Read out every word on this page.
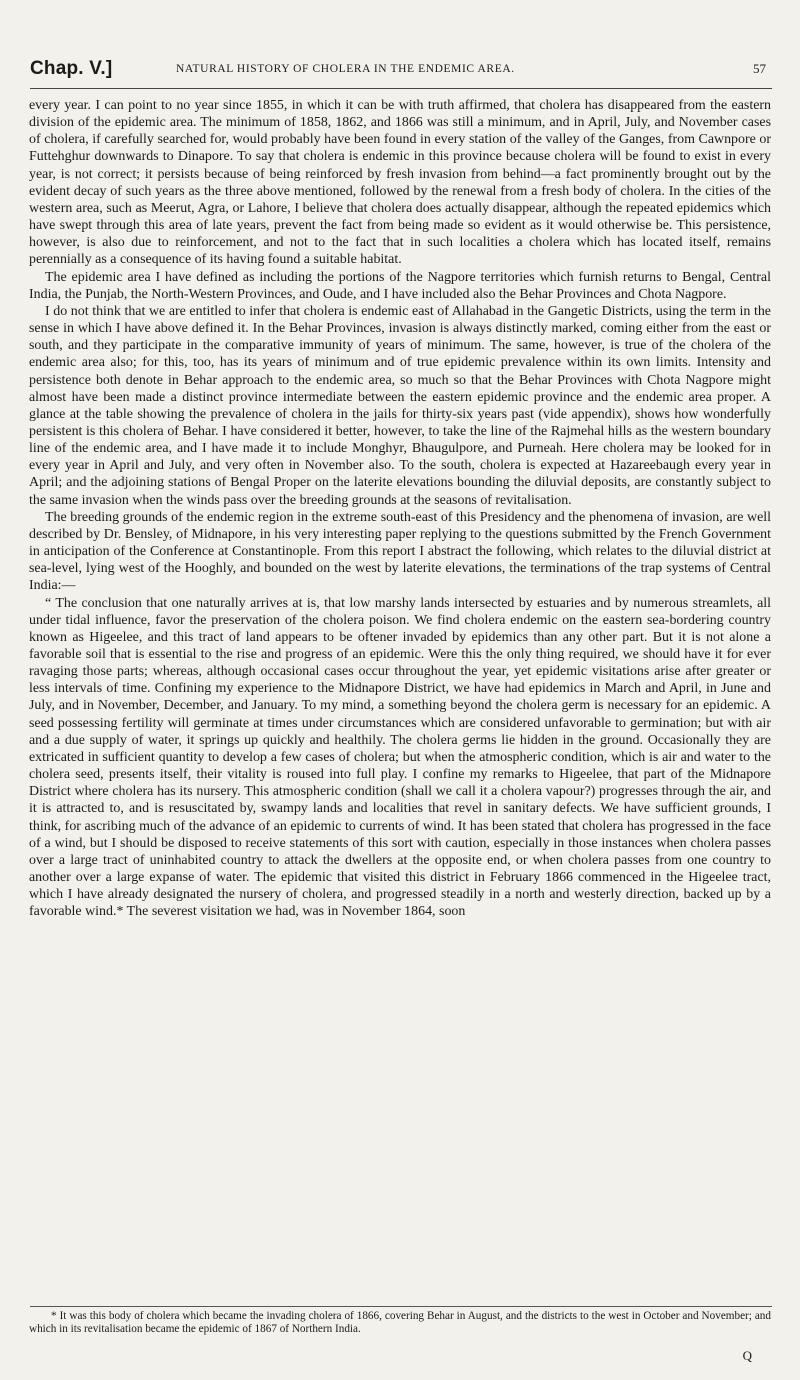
Chap. V.]	NATURAL HISTORY OF CHOLERA IN THE ENDEMIC AREA.	57

every year. I can point to no year since 1855, in which it can be with truth affirmed, that cholera has disappeared from the eastern division of the epidemic area. The minimum of 1858, 1862, and 1866 was still a minimum, and in April, July, and November cases of cholera, if carefully searched for, would probably have been found in every station of the valley of the Ganges, from Cawnpore or Futtehghur downwards to Dinapore. To say that cholera is endemic in this province because cholera will be found to exist in every year, is not correct; it persists because of being reinforced by fresh invasion from behind—a fact prominently brought out by the evident decay of such years as the three above mentioned, followed by the renewal from a fresh body of cholera. In the cities of the western area, such as Meerut, Agra, or Lahore, I believe that cholera does actually disappear, although the repeated epidemics which have swept through this area of late years, prevent the fact from being made so evident as it would otherwise be. This persistence, however, is also due to reinforcement, and not to the fact that in such localities a cholera which has located itself, remains perennially as a consequence of its having found a suitable habitat.

The epidemic area I have defined as including the portions of the Nagpore territories which furnish returns to Bengal, Central India, the Punjab, the North-Western Provinces, and Oude, and I have included also the Behar Provinces and Chota Nagpore.

I do not think that we are entitled to infer that cholera is endemic east of Allahabad in the Gangetic Districts, using the term in the sense in which I have above defined it. In the Behar Provinces, invasion is always distinctly marked, coming either from the east or south, and they participate in the comparative immunity of years of minimum. The same, however, is true of the cholera of the endemic area also; for this, too, has its years of minimum and of true epidemic prevalence within its own limits. Intensity and persistence both denote in Behar approach to the endemic area, so much so that the Behar Provinces with Chota Nagpore might almost have been made a distinct province intermediate between the eastern epidemic province and the endemic area proper. A glance at the table showing the prevalence of cholera in the jails for thirty-six years past (vide appendix), shows how wonderfully persistent is this cholera of Behar. I have considered it better, however, to take the line of the Rajmehal hills as the western boundary line of the endemic area, and I have made it to include Monghyr, Bhaugulpore, and Purneah. Here cholera may be looked for in every year in April and July, and very often in November also. To the south, cholera is expected at Hazareebaugh every year in April; and the adjoining stations of Bengal Proper on the laterite elevations bounding the diluvial deposits, are constantly subject to the same invasion when the winds pass over the breeding grounds at the seasons of revitalisation.

The breeding grounds of the endemic region in the extreme south-east of this Presidency and the phenomena of invasion, are well described by Dr. Bensley, of Midnapore, in his very interesting paper replying to the questions submitted by the French Government in anticipation of the Conference at Constantinople. From this report I abstract the following, which relates to the diluvial district at sea-level, lying west of the Hooghly, and bounded on the west by laterite elevations, the terminations of the trap systems of Central India:—

“ The conclusion that one naturally arrives at is, that low marshy lands intersected by estuaries and by numerous streamlets, all under tidal influence, favor the preservation of the cholera poison. We find cholera endemic on the eastern sea-bordering country known as Higeelee, and this tract of land appears to be oftener invaded by epidemics than any other part. But it is not alone a favorable soil that is essential to the rise and progress of an epidemic. Were this the only thing required, we should have it for ever ravaging those parts; whereas, although occasional cases occur throughout the year, yet epidemic visitations arise after greater or less intervals of time. Confining my experience to the Midnapore District, we have had epidemics in March and April, in June and July, and in November, December, and January. To my mind, a something beyond the cholera germ is necessary for an epidemic. A seed possessing fertility will germinate at times under circumstances which are considered unfavorable to germination; but with air and a due supply of water, it springs up quickly and healthily. The cholera germs lie hidden in the ground. Occasionally they are extricated in sufficient quantity to develop a few cases of cholera; but when the atmospheric condition, which is air and water to the cholera seed, presents itself, their vitality is roused into full play. I confine my remarks to Higeelee, that part of the Midnapore District where cholera has its nursery. This atmospheric condition (shall we call it a cholera vapour?) progresses through the air, and it is attracted to, and is resuscitated by, swampy lands and localities that revel in sanitary defects. We have sufficient grounds, I think, for ascribing much of the advance of an epidemic to currents of wind. It has been stated that cholera has progressed in the face of a wind, but I should be disposed to receive statements of this sort with caution, especially in those instances when cholera passes over a large tract of uninhabited country to attack the dwellers at the opposite end, or when cholera passes from one country to another over a large expanse of water. The epidemic that visited this district in February 1866 commenced in the Higeelee tract, which I have already designated the nursery of cholera, and progressed steadily in a north and westerly direction, backed up by a favorable wind.* The severest visitation we had, was in November 1864, soon

* It was this body of cholera which became the invading cholera of 1866, covering Behar in August, and the districts to the west in October and November; and which in its revitalisation became the epidemic of 1867 of Northern India.
Q
